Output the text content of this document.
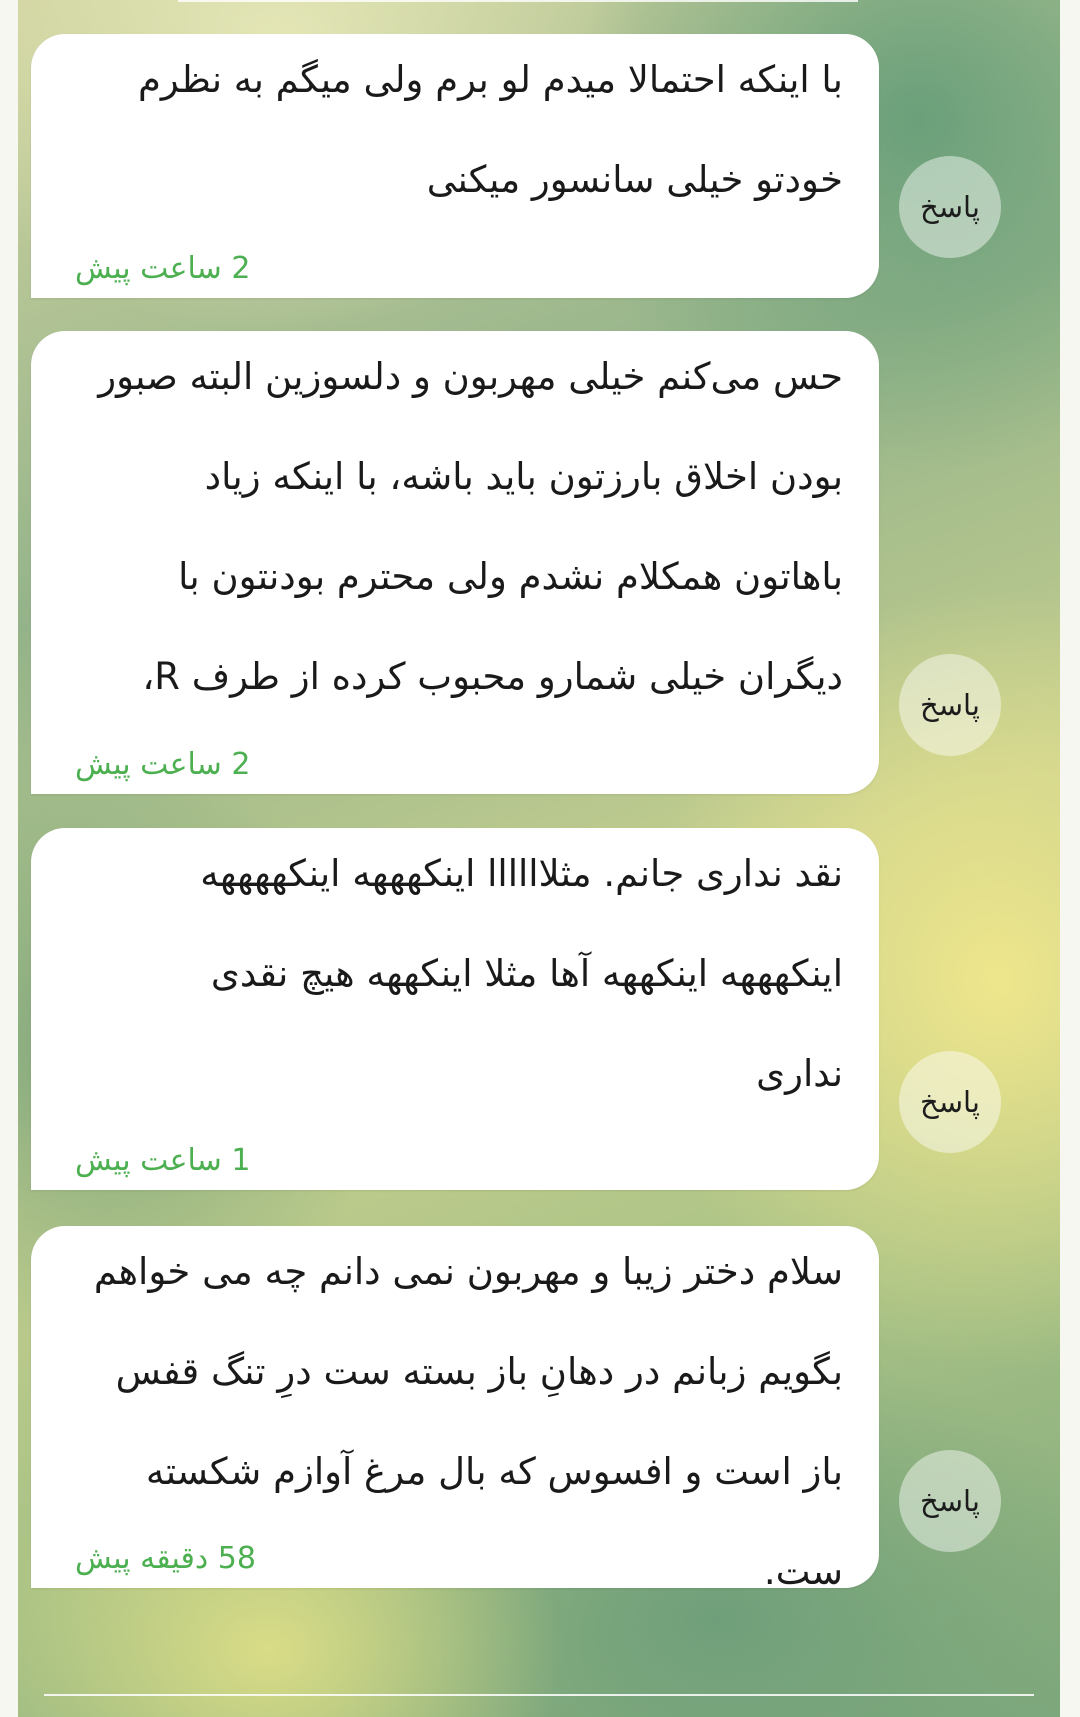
با اینکه احتمالا میدم لو برم ولی میگم به نظرم
خودتو خیلی سانسور میکنی
2 ساعت پیش
پاسخ
حس می‌کنم خیلی مهربون و دلسوزین البته صبور
بودن اخلاق بارزتون باید باشه، با اینکه زیاد
باهاتون همکلام نشدم ولی محترم بودنتون با
دیگران خیلی شمارو محبوب کرده از طرف R،
2 ساعت پیش
پاسخ
نقد نداری جانم. مثلاااااا اینکهههه اینکههههه
اینکهههه اینکههه آها مثلا اینکههه هیچ نقدی
نداری
1 ساعت پیش
پاسخ
سلام دختر زیبا و مهربون نمی دانم چه می خواهم
بگویم زبانم در دهانِ باز بسته ست درِ تنگ قفس
باز است و افسوس که بال مرغ آوازم شکسته ست.
58 دقیقه پیش
پاسخ
